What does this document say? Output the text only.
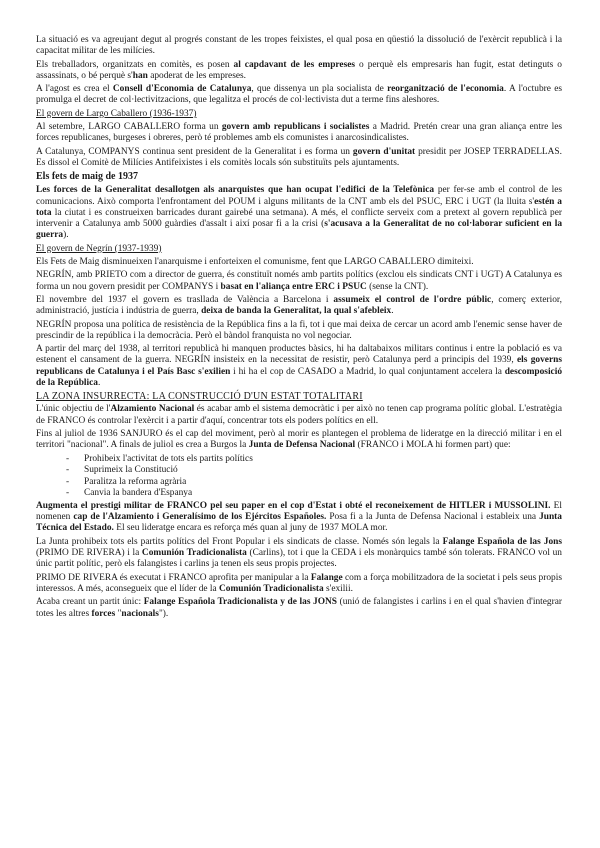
La situació es va agreujant degut al progrés constant de les tropes feixistes, el qual posa en qüestió la dissolució de l'exèrcit republicà i la capacitat militar de les milícies.

Els treballadors, organitzats en comitès, es posen al capdavant de les empreses o perquè els empresaris han fugit, estat detinguts o assassinats, o bé perquè s'han apoderat de les empreses.

A l'agost es crea el Consell d'Economia de Catalunya, que dissenya un pla socialista de reorganització de l'economia. A l'octubre es promulga el decret de col·lectivitzacions, que legalitza el procés de col·lectivista dut a terme fins aleshores.

El govern de Largo Caballero (1936-1937)

Al setembre, LARGO CABALLERO forma un govern amb republicans i socialistes a Madrid. Pretén crear una gran aliança entre les forces republicanes, burgeses i obreres, però té problemes amb els comunistes i anarcosindicalistes.

A Catalunya, COMPANYS continua sent president de la Generalitat i es forma un govern d'unitat presidit per JOSEP TERRADELLAS. Es dissol el Comitè de Milícies Antifeixistes i els comitès locals són substituïts pels ajuntaments.

Els fets de maig de 1937

Les forces de la Generalitat desallotgen als anarquistes que han ocupat l'edifici de la Telefònica per fer-se amb el control de les comunicacions. Això comporta l'enfrontament del POUM i alguns militants de la CNT amb els del PSUC, ERC i UGT (la lluita s'estén a tota la ciutat i es construeixen barricades durant gairebé una setmana). A més, el conflicte serveix com a pretext al govern republicà per intervenir a Catalunya amb 5000 guàrdies d'assalt i així posar fi a la crisi (s'acusava a la Generalitat de no col·laborar suficient en la guerra).

El govern de Negrín (1937-1939)

Els Fets de Maig disminueixen l'anarquisme i enforteixen el comunisme, fent que LARGO CABALLERO dimiteixi.

NEGRÍN, amb PRIETO com a director de guerra, és constituït només amb partits polítics (exclou els sindicats CNT i UGT) A Catalunya es forma un nou govern presidit per COMPANYS i basat en l'aliança entre ERC i PSUC (sense la CNT).

El novembre del 1937 el govern es trasllada de València a Barcelona i assumeix el control de l'ordre públic, comerç exterior, administració, justícia i indústria de guerra, deixa de banda la Generalitat, la qual s'afebleix.

NEGRÍN proposa una política de resistència de la República fins a la fi, tot i que mai deixa de cercar un acord amb l'enemic sense haver de prescindir de la república i la democràcia. Però el bàndol franquista no vol negociar.

A partir del març del 1938, al territori republicà hi manquen productes bàsics, hi ha daltabaixos militars continus i entre la població es va estenent el cansament de la guerra. NEGRÍN insisteix en la necessitat de resistir, però Catalunya perd a principis del 1939, els governs republicans de Catalunya i el País Basc s'exilien i hi ha el cop de CASADO a Madrid, lo qual conjuntament accelera la descomposició de la República.

LA ZONA INSURRECTA: LA CONSTRUCCIÓ D'UN ESTAT TOTALITARI

L'únic objectiu de l'Alzamiento Nacional és acabar amb el sistema democràtic i per això no tenen cap programa polític global. L'estratègia de FRANCO és controlar l'exèrcit i a partir d'aquí, concentrar tots els poders polítics en ell.

Fins al juliol de 1936 SANJURO és el cap del moviment, però al morir es plantegen el problema de lideratge en la direcció militar i en el territori "nacional". A finals de juliol es crea a Burgos la Junta de Defensa Nacional (FRANCO i MOLA hi formen part) que:

- Prohibeix l'activitat de tots els partits polítics
- Suprimeix la Constitució
- Paralitza la reforma agrària
- Canvia la bandera d'Espanya

Augmenta el prestigi militar de FRANCO pel seu paper en el cop d'Estat i obté el reconeixement de HITLER i MUSSOLINI. El nomenen cap de l'Alzamiento i Generalísimo de los Ejércitos Españoles. Posa fi a la Junta de Defensa Nacional i estableix una Junta Técnica del Estado. El seu lideratge encara es reforça més quan al juny de 1937 MOLA mor.

La Junta prohibeix tots els partits polítics del Front Popular i els sindicats de classe. Només són legals la Falange Española de las Jons (PRIMO DE RIVERA) i la Comunión Tradicionalista (Carlins), tot i que la CEDA i els monàrquics també són tolerats. FRANCO vol un únic partit polític, però els falangistes i carlins ja tenen els seus propis projectes.

PRIMO DE RIVERA és executat i FRANCO aprofita per manipular a la Falange com a força mobilitzadora de la societat i pels seus propis interessos. A més, aconsegueix que el líder de la Comunión Tradicionalista s'exilii.

Acaba creant un partit únic: Falange Española Tradicionalista y de las JONS (unió de falangistes i carlins i en el qual s'havien d'integrar totes les altres forces "nacionals").
